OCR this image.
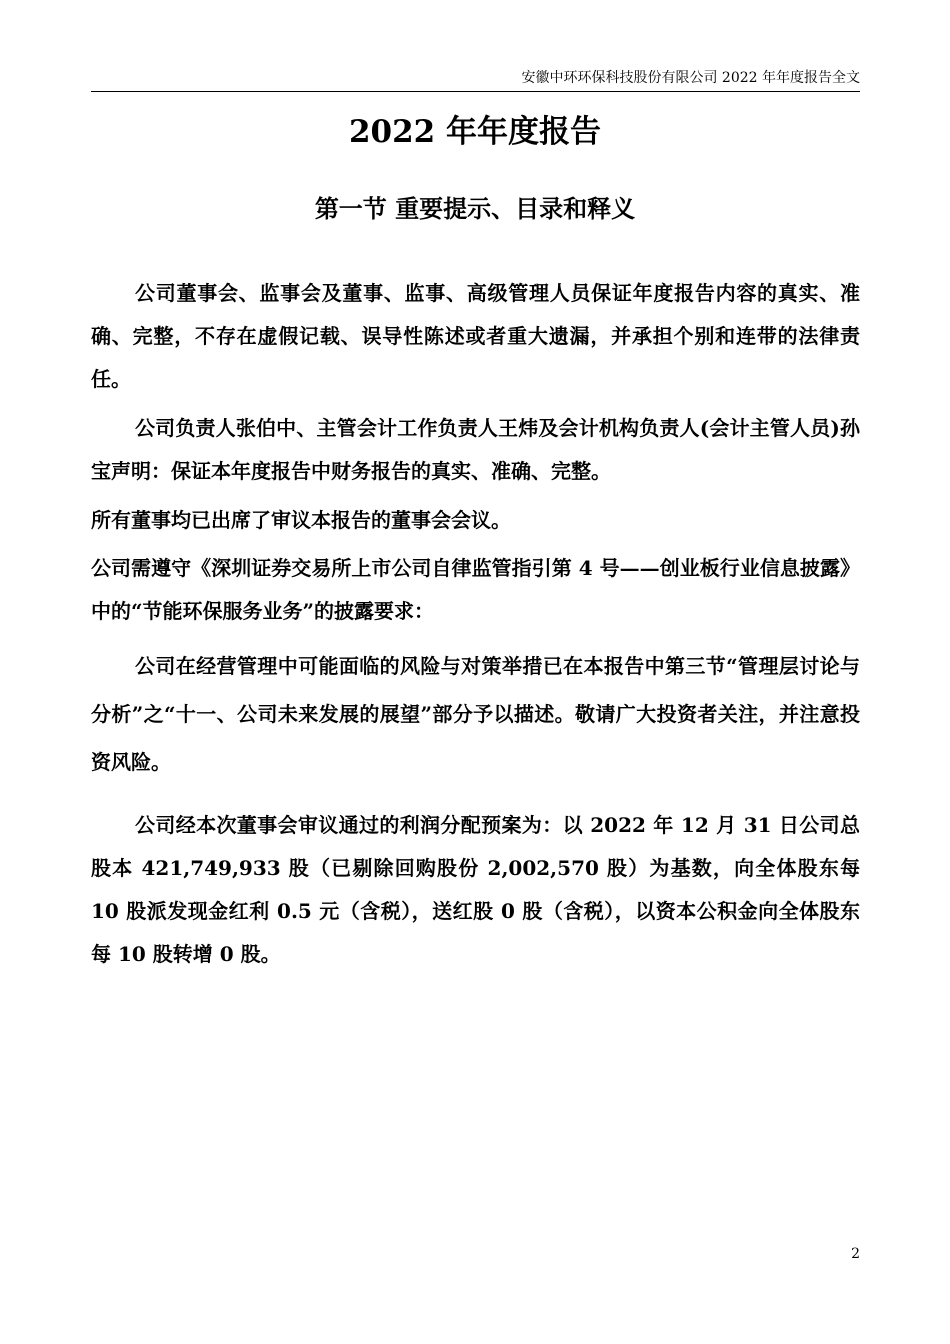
安徽中环环保科技股份有限公司 2022 年年度报告全文
2022 年年度报告
第一节 重要提示、目录和释义

公司董事会、监事会及董事、监事、高级管理人员保证年度报告内容的真实、准确、完整，不存在虚假记载、误导性陈述或者重大遗漏，并承担个别和连带的法律责任。

公司负责人张伯中、主管会计工作负责人王炜及会计机构负责人(会计主管人员)孙宝声明：保证本年度报告中财务报告的真实、准确、完整。

所有董事均已出席了审议本报告的董事会会议。

公司需遵守《深圳证券交易所上市公司自律监管指引第 4 号——创业板行业信息披露》中的“节能环保服务业务”的披露要求：

公司在经营管理中可能面临的风险与对策举措已在本报告中第三节“管理层讨论与分析”之“十一、公司未来发展的展望”部分予以描述。敬请广大投资者关注，并注意投资风险。

公司经本次董事会审议通过的利润分配预案为：以 2022 年 12 月 31 日公司总股本 421,749,933 股（已剔除回购股份 2,002,570 股）为基数，向全体股东每 10 股派发现金红利 0.5 元（含税），送红股 0 股（含税），以资本公积金向全体股东每 10 股转增 0 股。

2
